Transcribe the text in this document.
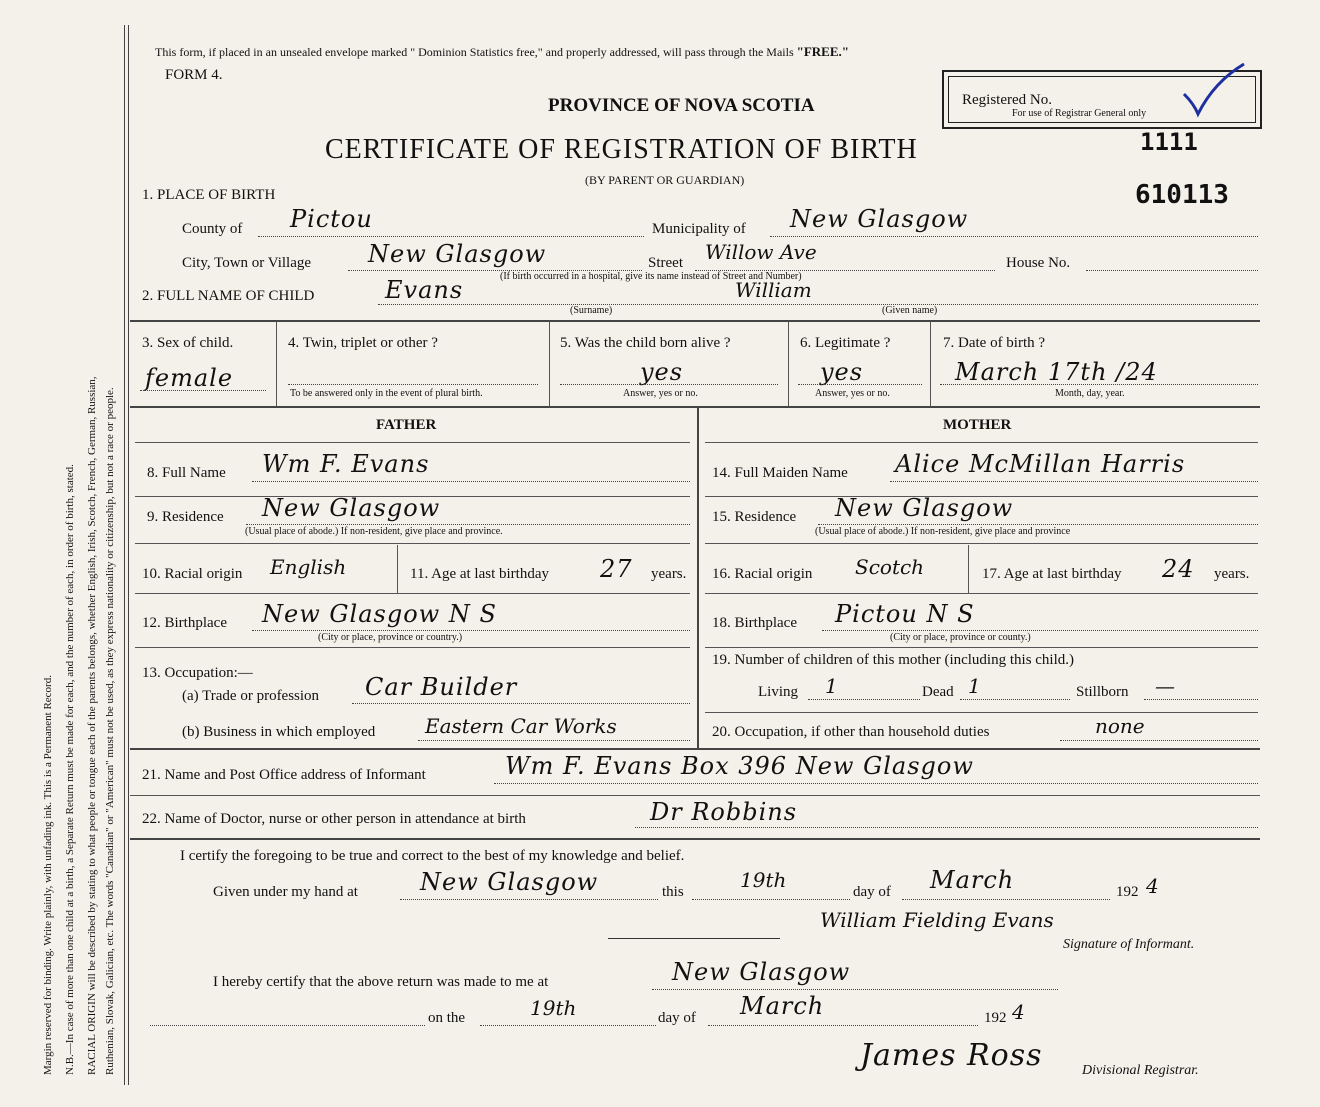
Margin reserved for binding. Write plainly, with unfading ink. This is a Permanent Record. N.B.—In case of more than one child at a birth, a Separate Return must be made for each, and the number of each, in order of birth, stated. RACIAL ORIGIN will be described by stating to what people or tongue each of the parents belongs, whether English, Irish, Scotch, French, German, Russian, Ruthenian, Slovak, Galician, etc. The words "Canadian" or "American" must not be used, as they express nationality or citizenship, but not a race or people.
This form, if placed in an unsealed envelope marked " Dominion Statistics free," and properly addressed, will pass through the Mails "FREE."
FORM 4.
PROVINCE OF NOVA SCOTIA
CERTIFICATE OF REGISTRATION OF BIRTH
(BY PARENT OR GUARDIAN)
Registered No.
For use of Registrar General only
1111
610113
1. PLACE OF BIRTH
County of Pictou	Municipality of New Glasgow
City, Town or Village New Glasgow	Street Willow Ave
(If birth occurred in a hospital, give its name instead of Street and Number)
House No.
2. FULL NAME OF CHILD	Evans	William
(Surname)	(Given name)
3. Sex of child.
female
4. Twin, triplet or other ?
To be answered only in the event of plural birth.
5. Was the child born alive ?
yes
Answer, yes or no.
6. Legitimate ?
yes
Answer, yes or no.
7. Date of birth ?
March 17th /24
Month, day, year.
FATHER	MOTHER
8. Full Name Wm F. Evans	14. Full Maiden Name Alice McMillan Harris
9. Residence New Glasgow
(Usual place of abode.) If non-resident, give place and province.
15. Residence New Glasgow
(Usual place of abode.) If non-resident, give place and province
10. Racial origin English	11. Age at last birthday 27 years. 16. Racial origin Scotch	17. Age at last birthday 24 years.
12. Birthplace New Glasgow N S
(City or place, province or country.)
18. Birthplace Pictou N S
(City or place, province or county.)
13. Occupation:—
(a) Trade or profession Car Builder
19. Number of children of this mother (including this child.)
Living 1	Dead 1	Stillborn —
(b) Business in which employed Eastern Car Works	20. Occupation, if other than household duties	none
21. Name and Post Office address of Informant	Wm F. Evans Box 396 New Glasgow
22. Name of Doctor, nurse or other person in attendance at birth	Dr Robbins
I certify the foregoing to be true and correct to the best of my knowledge and belief.
Given under my hand at	New Glasgow	this	19th	day of March	192 4
William Fielding Evans
Signature of Informant.
I hereby certify that the above return was made to me at	New Glasgow
on the	19th	day of March	192 4
James Ross	Divisional Registrar.
